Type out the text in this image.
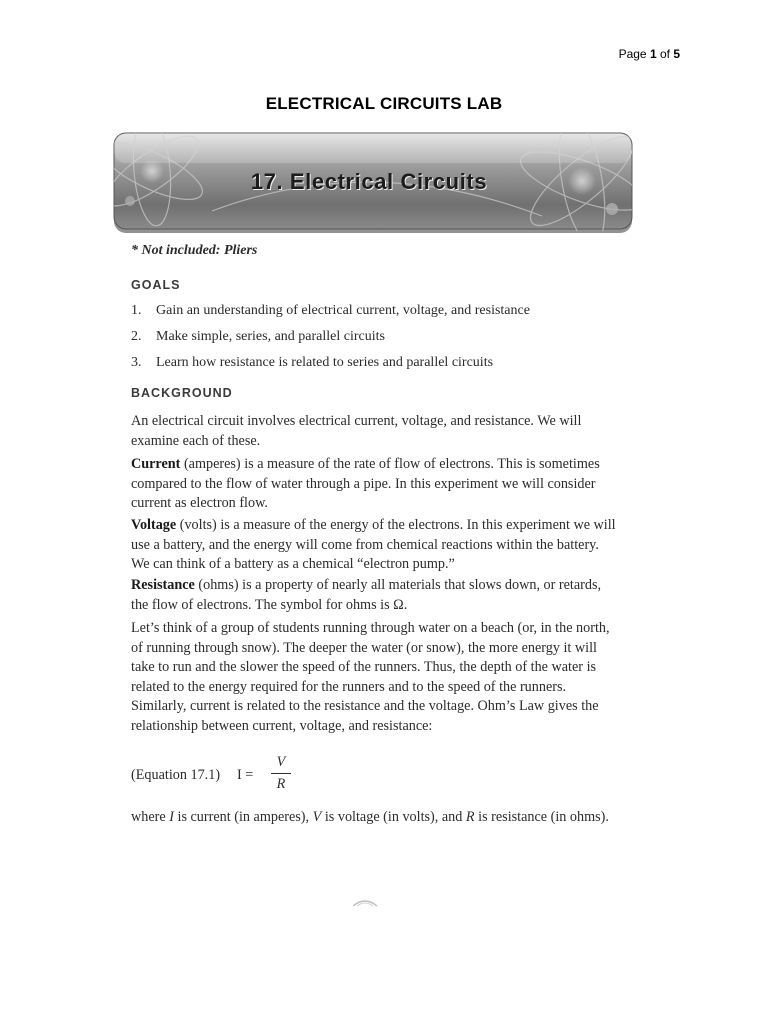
Page 1 of 5
ELECTRICAL CIRCUITS LAB
17. Electrical Circuits
* Not included: Pliers
GOALS
1. Gain an understanding of electrical current, voltage, and resistance
2. Make simple, series, and parallel circuits
3. Learn how resistance is related to series and parallel circuits
BACKGROUND
An electrical circuit involves electrical current, voltage, and resistance. We will examine each of these.
Current (amperes) is a measure of the rate of flow of electrons. This is sometimes compared to the flow of water through a pipe. In this experiment we will consider current as electron flow.
Voltage (volts) is a measure of the energy of the electrons. In this experiment we will use a battery, and the energy will come from chemical reactions within the battery. We can think of a battery as a chemical “electron pump.”
Resistance (ohms) is a property of nearly all materials that slows down, or retards, the flow of electrons. The symbol for ohms is Ω.
Let’s think of a group of students running through water on a beach (or, in the north, of running through snow). The deeper the water (or snow), the more energy it will take to run and the slower the speed of the runners. Thus, the depth of the water is related to the energy required for the runners and to the speed of the runners. Similarly, current is related to the resistance and the voltage. Ohm’s Law gives the relationship between current, voltage, and resistance:
(Equation 17.1) I =
V
R
where I is current (in amperes), V is voltage (in volts), and R is resistance (in ohms).
